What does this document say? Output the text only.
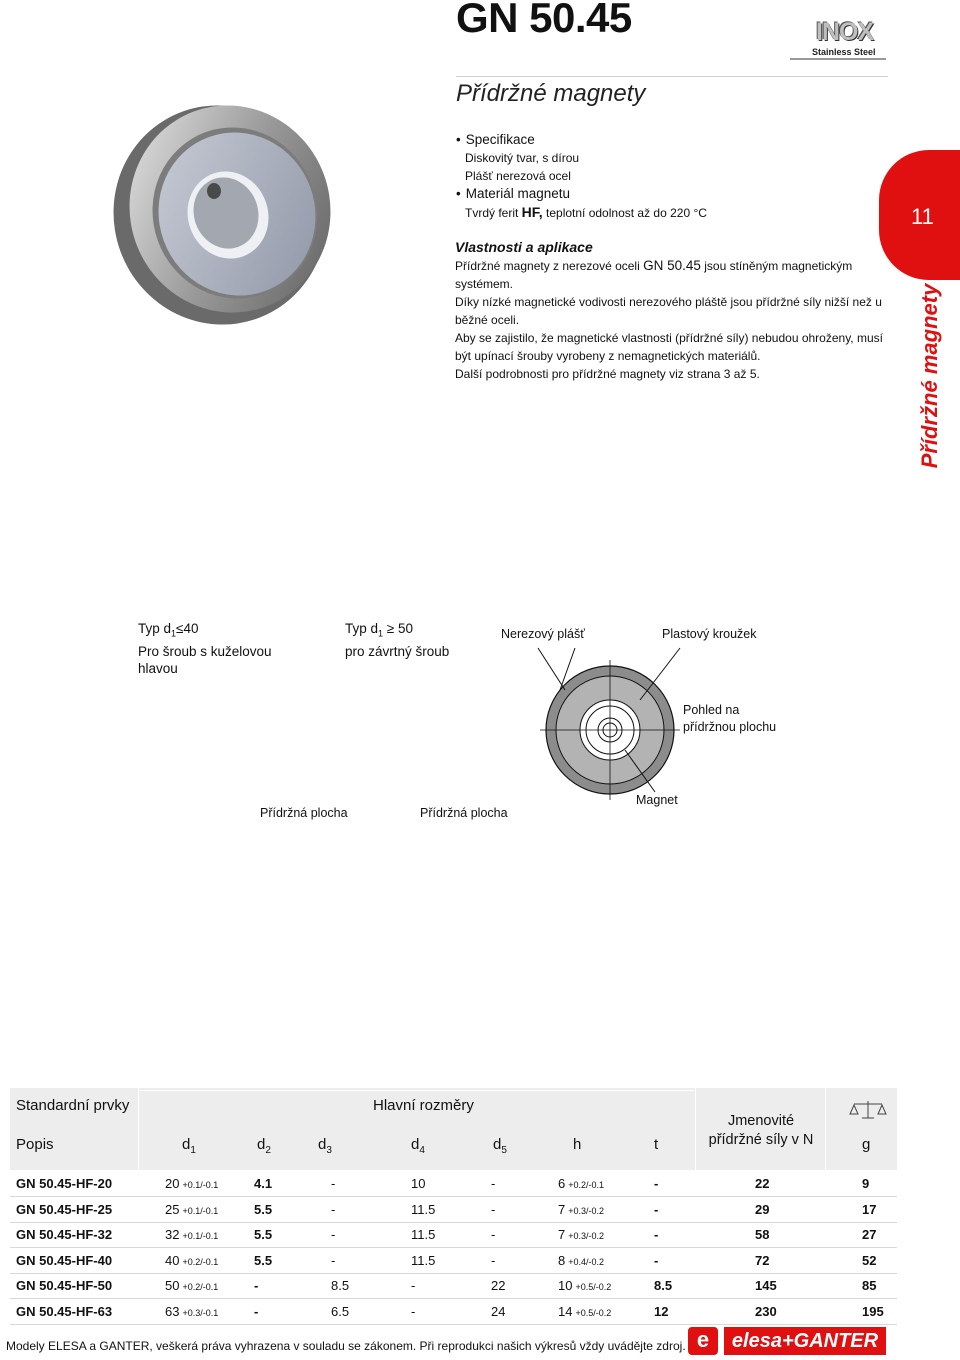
GN 50.45	INOX
Stainless Steel
Přídržné magnety
• Specifikace
Diskovitý tvar, s dírou
Plášť nerezová ocel
• Materiál magnetu
Tvrdý ferit HF, teplotní odolnost až do 220 °C
Vlastnosti a aplikace

Přídržné magnety z nerezové oceli GN 50.45 jsou stíněným magnetickým systémem.

Díky nízké magnetické vodivosti nerezového pláště jsou přídržné síly nižší než u běžné oceli.

Aby se zajistilo, že magnetické vlastnosti (přídržné síly) nebudou ohroženy, musí být upínací šrouby vyrobeny z nemagnetických materiálů.

Další podrobnosti pro přídržné magnety viz strana 3 až 5.

11
Přídržné magnety
Typ $d_1\le 40$
Pro šroub s kuželovou
hlavou
Typ $d_1 \ge 50$
pro závrtný šroub
Nerezový plášť	Plastový kroužek
Pohled na
přídržnou plochu
Přídržná plocha	Přídržná plocha
Magnet
Standardní prvky	Hlavní rozměry
Popis	$d_1$	$d_2$	$d_3$	$d_4$	$d_5$	h	t
Jmenovité přídržné síly v N	g
GN 50.45-HF-20	20 +0.1/-0.1	4.1	-	10	-	6 +0.2/-0.1	-	22	9
GN 50.45-HF-25	25 +0.1/-0.1	5.5	-	11.5	-	7 +0.3/-0.2	-	29	17
GN 50.45-HF-32	32 +0.1/-0.1	5.5	-	11.5	-	7 +0.3/-0.2	-	58	27
GN 50.45-HF-40	40 +0.2/-0.1	5.5	-	11.5	-	8 +0.4/-0.2	-	72	52
GN 50.45-HF-50	50 +0.2/-0.1	-	8.5	-	22	10 +0.5/-0.2	8.5	145	85
GN 50.45-HF-63	63 +0.3/-0.1	-	6.5	-	24	14 +0.5/-0.2	12	230	195
Modely ELESA a GANTER, veškerá práva vyhrazena v souladu se zákonem. Při reprodukci našich výkresů vždy uvádějte zdroj. e	elesa+GANTER
